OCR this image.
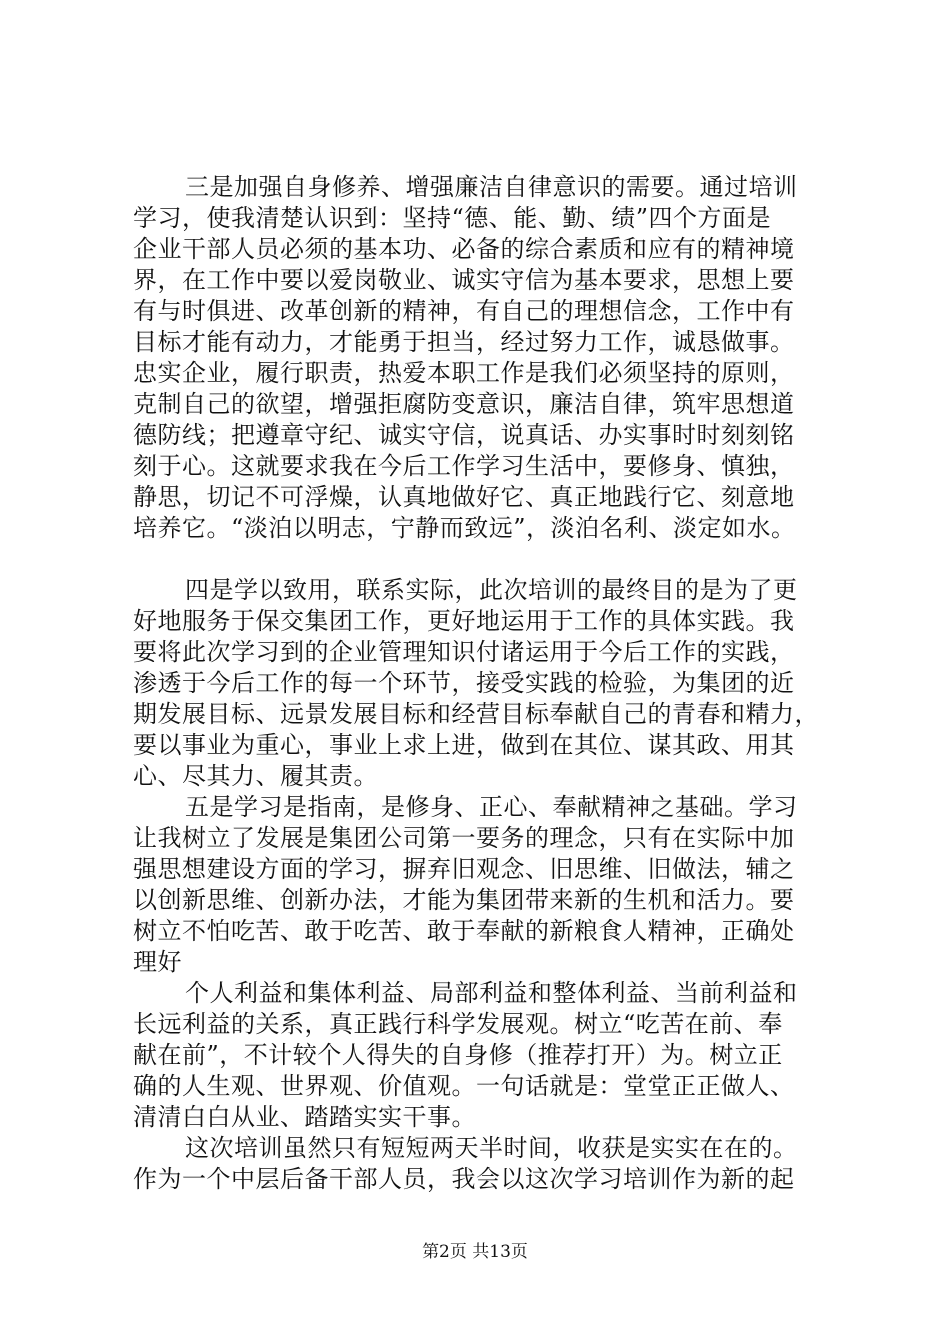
三是加强自身修养、增强廉洁自律意识的需要。通过培训
学习，使我清楚认识到：坚持“德、能、勤、绩”四个方面是
企业干部人员必须的基本功、必备的综合素质和应有的精神境
界，在工作中要以爱岗敬业、诚实守信为基本要求，思想上要
有与时俱进、改革创新的精神，有自己的理想信念，工作中有
目标才能有动力，才能勇于担当，经过努力工作，诚恳做事。
忠实企业，履行职责，热爱本职工作是我们必须坚持的原则，
克制自己的欲望，增强拒腐防变意识，廉洁自律，筑牢思想道
德防线；把遵章守纪、诚实守信，说真话、办实事时时刻刻铭
刻于心。这就要求我在今后工作学习生活中，要修身、慎独，
静思，切记不可浮燥，认真地做好它、真正地践行它、刻意地
培养它。“淡泊以明志，宁静而致远”，淡泊名利、淡定如水。
四是学以致用，联系实际，此次培训的最终目的是为了更
好地服务于保交集团工作，更好地运用于工作的具体实践。我
要将此次学习到的企业管理知识付诸运用于今后工作的实践，
渗透于今后工作的每一个环节，接受实践的检验，为集团的近
期发展目标、远景发展目标和经营目标奉献自己的青春和精力，
要以事业为重心，事业上求上进，做到在其位、谋其政、用其
心、尽其力、履其责。
五是学习是指南，是修身、正心、奉献精神之基础。学习
让我树立了发展是集团公司第一要务的理念，只有在实际中加
强思想建设方面的学习，摒弃旧观念、旧思维、旧做法，辅之
以创新思维、创新办法，才能为集团带来新的生机和活力。要
树立不怕吃苦、敢于吃苦、敢于奉献的新粮食人精神，正确处
理好
个人利益和集体利益、局部利益和整体利益、当前利益和
长远利益的关系，真正践行科学发展观。树立“吃苦在前、奉
献在前”，不计较个人得失的自身修（推荐打开）为。树立正
确的人生观、世界观、价值观。一句话就是：堂堂正正做人、
清清白白从业、踏踏实实干事。
这次培训虽然只有短短两天半时间，收获是实实在在的。
作为一个中层后备干部人员，我会以这次学习培训作为新的起
第2页 共13页
